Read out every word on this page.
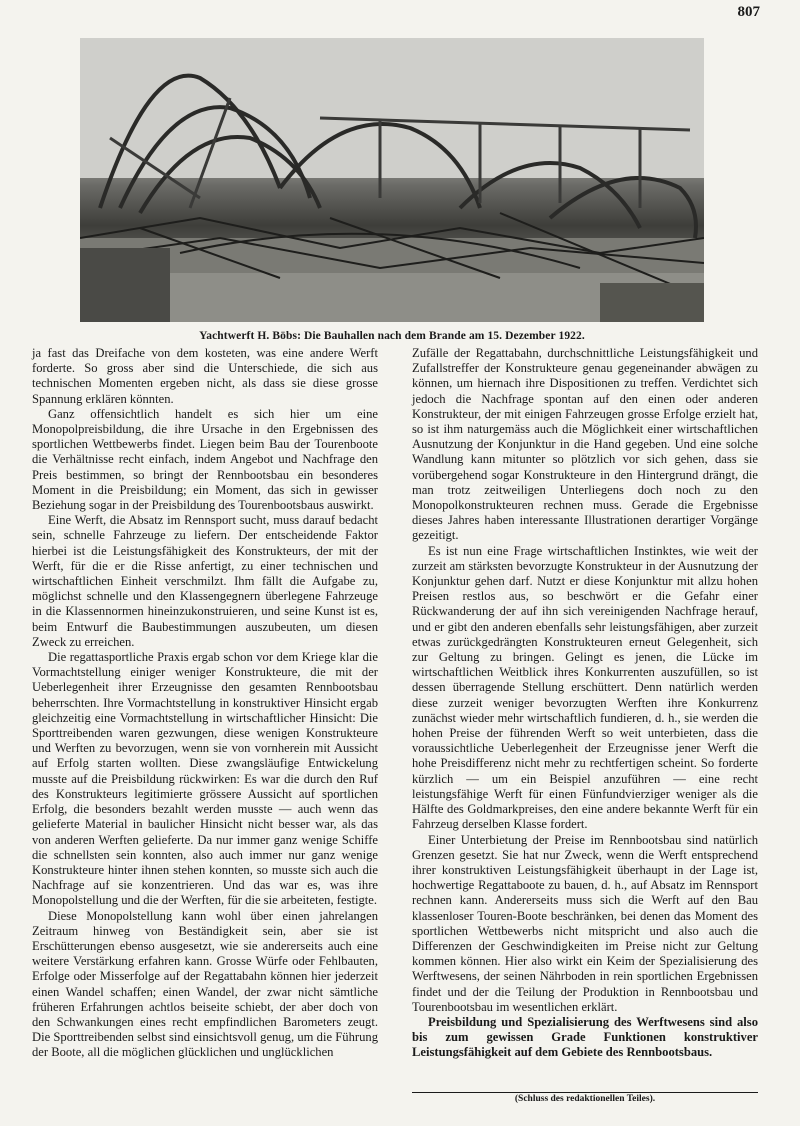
807
Yachtwerft H. Böbs: Die Bauhallen nach dem Brande am 15. Dezember 1922.

ja fast das Dreifache von dem kosteten, was eine andere Werft forderte. So gross aber sind die Unterschiede, die sich aus technischen Momenten ergeben nicht, als dass sie diese grosse Spannung erklären könnten.

Ganz offensichtlich handelt es sich hier um eine Monopolpreisbildung, die ihre Ursache in den Ergebnissen des sportlichen Wettbewerbs findet. Liegen beim Bau der Tourenboote die Verhältnisse recht einfach, indem Angebot und Nachfrage den Preis bestimmen, so bringt der Rennbootsbau ein besonderes Moment in die Preisbildung; ein Moment, das sich in gewisser Beziehung sogar in der Preisbildung des Tourenbootsbaus auswirkt.

Eine Werft, die Absatz im Rennsport sucht, muss darauf bedacht sein, schnelle Fahrzeuge zu liefern. Der entscheidende Faktor hierbei ist die Leistungsfähigkeit des Konstrukteurs, der mit der Werft, für die er die Risse anfertigt, zu einer technischen und wirtschaftlichen Einheit verschmilzt. Ihm fällt die Aufgabe zu, möglichst schnelle und den Klassengegnern überlegene Fahrzeuge in die Klassennormen hineinzukonstruieren, und seine Kunst ist es, beim Entwurf die Baubestimmungen auszubeuten, um diesen Zweck zu erreichen.

Die regattasportliche Praxis ergab schon vor dem Kriege klar die Vormachtstellung einiger weniger Konstrukteure, die mit der Ueberlegenheit ihrer Erzeugnisse den gesamten Rennbootsbau beherrschten. Ihre Vormachtstellung in konstruktiver Hinsicht ergab gleichzeitig eine Vormachtstellung in wirtschaftlicher Hinsicht: Die Sporttreibenden waren gezwungen, diese wenigen Konstrukteure und Werften zu bevorzugen, wenn sie von vornherein mit Aussicht auf Erfolg starten wollten. Diese zwangsläufige Entwickelung musste auf die Preisbildung rückwirken: Es war die durch den Ruf des Konstrukteurs legitimierte grössere Aussicht auf sportlichen Erfolg, die besonders bezahlt werden musste — auch wenn das gelieferte Material in baulicher Hinsicht nicht besser war, als das von anderen Werften gelieferte. Da nur immer ganz wenige Schiffe die schnellsten sein konnten, also auch immer nur ganz wenige Konstrukteure hinter ihnen stehen konnten, so musste sich auch die Nachfrage auf sie konzentrieren. Und das war es, was ihre Monopolstellung und die der Werften, für die sie arbeiteten, festigte.

Diese Monopolstellung kann wohl über einen jahrelangen Zeitraum hinweg von Beständigkeit sein, aber sie ist Erschütterungen ebenso ausgesetzt, wie sie andererseits auch eine weitere Verstärkung erfahren kann. Grosse Würfe oder Fehlbauten, Erfolge oder Misserfolge auf der Regattabahn können hier jederzeit einen Wandel schaffen; einen Wandel, der zwar nicht sämtliche früheren Erfahrungen achtlos beiseite schiebt, der aber doch von den Schwankungen eines recht empfindlichen Barometers zeugt. Die Sporttreibenden selbst sind einsichtsvoll genug, um die Führung der Boote, all die möglichen glücklichen und unglücklichen

Zufälle der Regattabahn, durchschnittliche Leistungsfähigkeit und Zufallstreffer der Konstrukteure genau gegeneinander abwägen zu können, um hiernach ihre Dispositionen zu treffen. Verdichtet sich jedoch die Nachfrage spontan auf den einen oder anderen Konstrukteur, der mit einigen Fahrzeugen grosse Erfolge erzielt hat, so ist ihm naturgemäss auch die Möglichkeit einer wirtschaftlichen Ausnutzung der Konjunktur in die Hand gegeben. Und eine solche Wandlung kann mitunter so plötzlich vor sich gehen, dass sie vorübergehend sogar Konstrukteure in den Hintergrund drängt, die man trotz zeitweiligen Unterliegens doch noch zu den Monopolkonstrukteuren rechnen muss. Gerade die Ergebnisse dieses Jahres haben interessante Illustrationen derartiger Vorgänge gezeitigt.

Es ist nun eine Frage wirtschaftlichen Instinktes, wie weit der zurzeit am stärksten bevorzugte Konstrukteur in der Ausnutzung der Konjunktur gehen darf. Nutzt er diese Konjunktur mit allzu hohen Preisen restlos aus, so beschwört er die Gefahr einer Rückwanderung der auf ihn sich vereinigenden Nachfrage herauf, und er gibt den anderen ebenfalls sehr leistungsfähigen, aber zurzeit etwas zurückgedrängten Konstrukteuren erneut Gelegenheit, sich zur Geltung zu bringen. Gelingt es jenen, die Lücke im wirtschaftlichen Weitblick ihres Konkurrenten auszufüllen, so ist dessen überragende Stellung erschüttert. Denn natürlich werden diese zurzeit weniger bevorzugten Werften ihre Konkurrenz zunächst wieder mehr wirtschaftlich fundieren, d. h., sie werden die hohen Preise der führenden Werft so weit unterbieten, dass die voraussichtliche Ueberlegenheit der Erzeugnisse jener Werft die hohe Preisdifferenz nicht mehr zu rechtfertigen scheint. So forderte kürzlich — um ein Beispiel anzuführen — eine recht leistungsfähige Werft für einen Fünfundvierziger weniger als die Hälfte des Goldmarkpreises, den eine andere bekannte Werft für ein Fahrzeug derselben Klasse fordert.

Einer Unterbietung der Preise im Rennbootsbau sind natürlich Grenzen gesetzt. Sie hat nur Zweck, wenn die Werft entsprechend ihrer konstruktiven Leistungsfähigkeit überhaupt in der Lage ist, hochwertige Regattaboote zu bauen, d. h., auf Absatz im Rennsport rechnen kann. Andererseits muss sich die Werft auf den Bau klassenloser Touren-Boote beschränken, bei denen das Moment des sportlichen Wettbewerbs nicht mitspricht und also auch die Differenzen der Geschwindigkeiten im Preise nicht zur Geltung kommen können. Hier also wirkt ein Keim der Spezialisierung des Werftwesens, der seinen Nährboden in rein sportlichen Ergebnissen findet und der die Teilung der Produktion in Rennbootsbau und Tourenbootsbau im wesentlichen erklärt.

Preisbildung und Spezialisierung des Werftwesens sind also bis zum gewissen Grade Funktionen konstruktiver Leistungsfähigkeit auf dem Gebiete des Rennbootsbaus.

(Schluss des redaktionellen Teiles).
